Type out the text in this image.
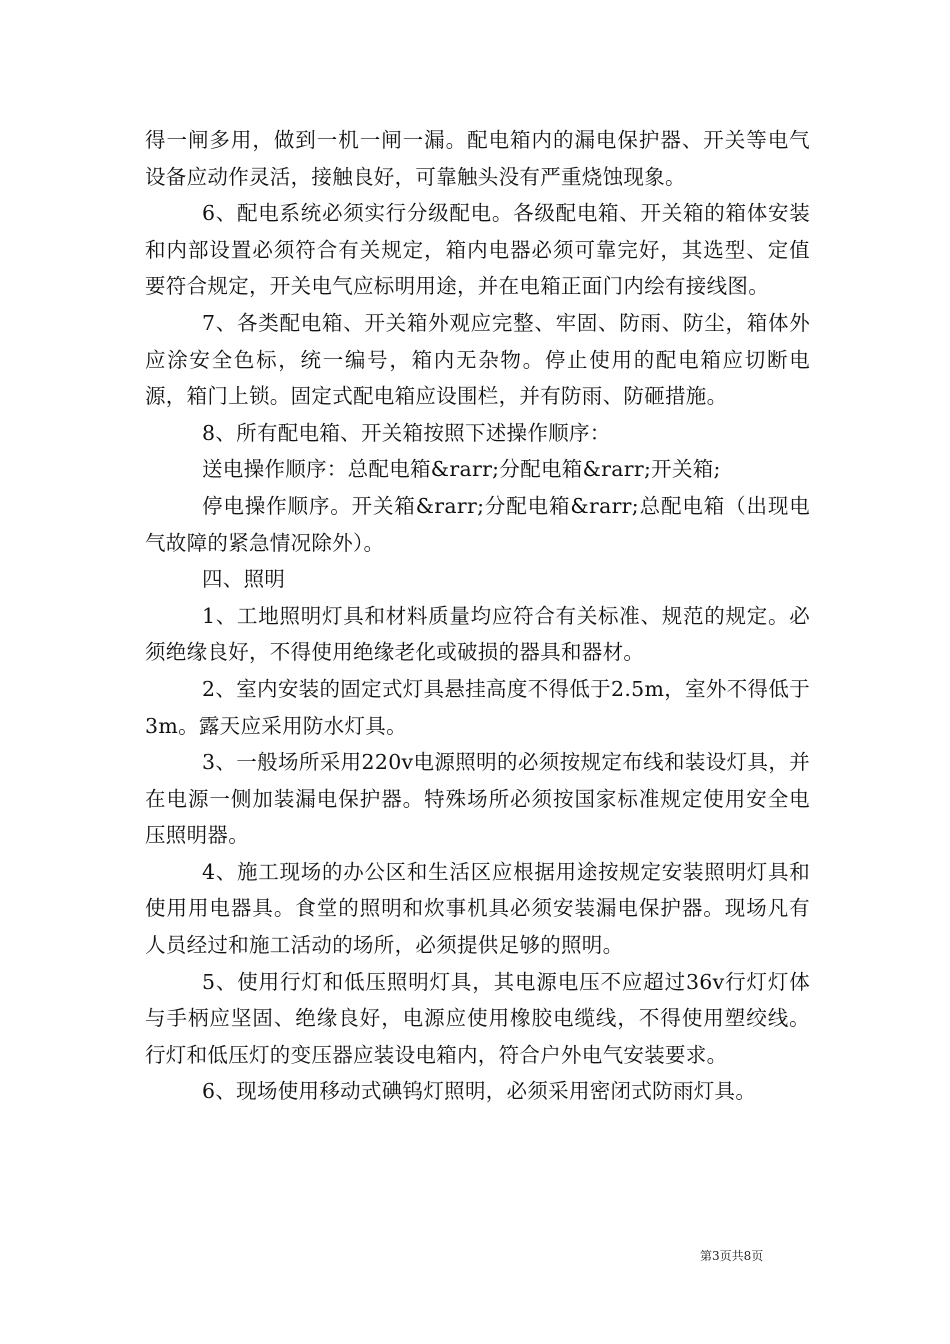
得一闸多用，做到一机一闸一漏。配电箱内的漏电保护器、开关等电气设备应动作灵活，接触良好，可靠触头没有严重烧蚀现象。

6、配电系统必须实行分级配电。各级配电箱、开关箱的箱体安装和内部设置必须符合有关规定，箱内电器必须可靠完好，其选型、定值要符合规定，开关电气应标明用途，并在电箱正面门内绘有接线图。

7、各类配电箱、开关箱外观应完整、牢固、防雨、防尘，箱体外应涂安全色标，统一编号，箱内无杂物。停止使用的配电箱应切断电源，箱门上锁。固定式配电箱应设围栏，并有防雨、防砸措施。

8、所有配电箱、开关箱按照下述操作顺序：

送电操作顺序：总配电箱&rarr;分配电箱&rarr;开关箱;

停电操作顺序。开关箱&rarr;分配电箱&rarr;总配电箱（出现电气故障的紧急情况除外）。

四、照明

1、工地照明灯具和材料质量均应符合有关标准、规范的规定。必须绝缘良好，不得使用绝缘老化或破损的器具和器材。

2、室内安装的固定式灯具悬挂高度不得低于2.5m，室外不得低于3m。露天应采用防水灯具。

3、一般场所采用220v电源照明的必须按规定布线和装设灯具，并在电源一侧加装漏电保护器。特殊场所必须按国家标准规定使用安全电压照明器。

4、施工现场的办公区和生活区应根据用途按规定安装照明灯具和使用用电器具。食堂的照明和炊事机具必须安装漏电保护器。现场凡有人员经过和施工活动的场所，必须提供足够的照明。

5、使用行灯和低压照明灯具，其电源电压不应超过36v行灯灯体与手柄应坚固、绝缘良好，电源应使用橡胶电缆线，不得使用塑绞线。行灯和低压灯的变压器应装设电箱内，符合户外电气安装要求。

6、现场使用移动式碘钨灯照明，必须采用密闭式防雨灯具。

第3页共8页
